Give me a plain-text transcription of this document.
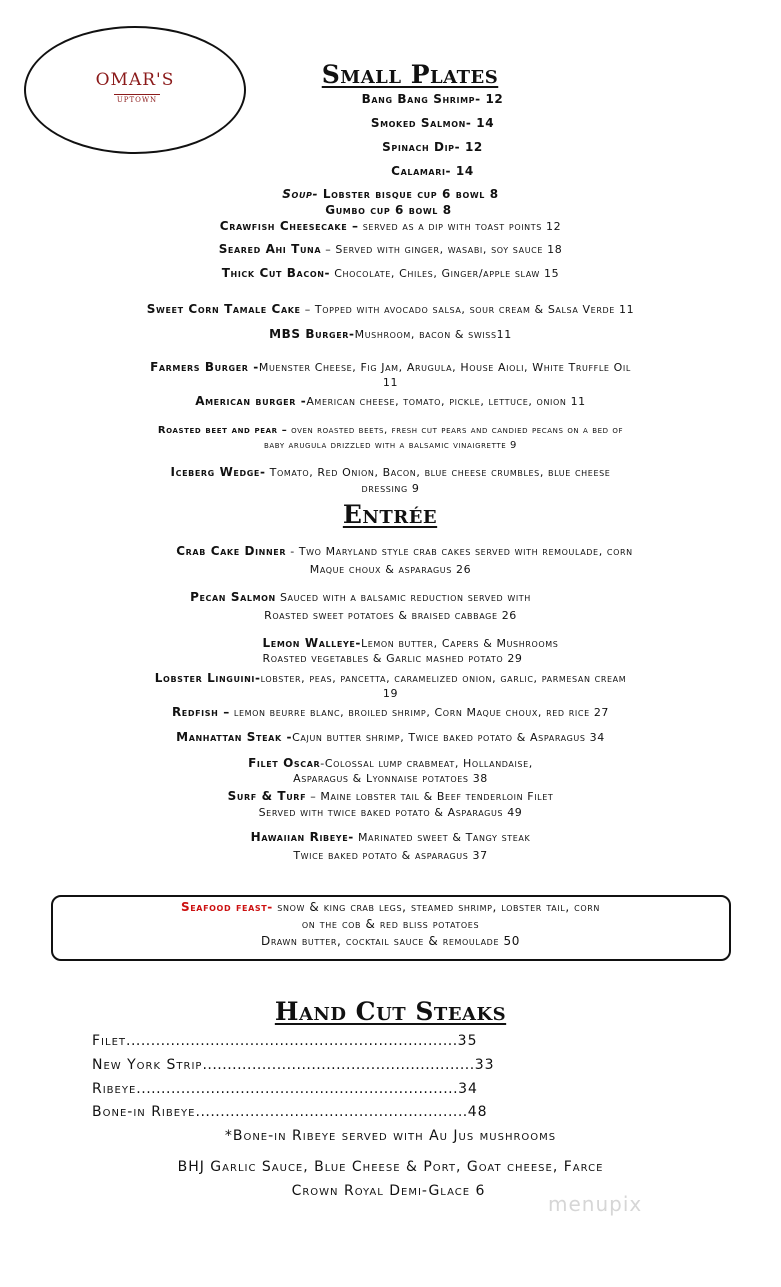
OMAR'S
UPTOWN
Small Plates
Bang Bang Shrimp- 12
Smoked Salmon- 14
Spinach Dip- 12
Calamari- 14
Soup- Lobster bisque cup 6 bowl 8
Gumbo cup 6 bowl 8
Crawfish Cheesecake – served as a dip with toast points 12
Seared Ahi Tuna – Served with ginger, wasabi, soy sauce 18
Thick Cut Bacon- Chocolate, Chiles, Ginger/apple slaw 15
Sweet Corn Tamale Cake – Topped with avocado salsa, sour cream & Salsa Verde 11
MBS Burger-Mushroom, bacon & swiss11
Farmers Burger -Muenster Cheese, Fig Jam, Arugula, House Aioli, White Truffle Oil
11
American burger -American cheese, tomato, pickle, lettuce, onion 11
Roasted beet and pear – oven roasted beets, fresh cut pears and candied pecans on a bed of
baby arugula drizzled with a balsamic vinaigrette 9
Iceberg Wedge- Tomato, Red Onion, Bacon, blue cheese crumbles, blue cheese
dressing 9
Entrée
Crab Cake Dinner - Two Maryland style crab cakes served with remoulade, corn
Maque choux & asparagus 26
Pecan Salmon Sauced with a balsamic reduction served with
Roasted sweet potatoes & braised cabbage 26
Lemon Walleye-Lemon butter, Capers & Mushrooms
Roasted vegetables & Garlic mashed potato 29
Lobster Linguini-lobster, peas, pancetta, caramelized onion, garlic, parmesan cream
19
Redfish – lemon beurre blanc, broiled shrimp, Corn Maque choux, red rice 27
Manhattan Steak -Cajun butter shrimp, Twice baked potato & Asparagus 34
Filet Oscar-Colossal lump crabmeat, Hollandaise,
Asparagus & Lyonnaise potatoes 38
Surf & Turf – Maine lobster tail & Beef tenderloin Filet
Served with twice baked potato & Asparagus 49
Hawaiian Ribeye- Marinated sweet & Tangy steak
Twice baked potato & asparagus 37
Seafood feast- snow & king crab legs, steamed shrimp, lobster tail, corn
on the cob & red bliss potatoes
Drawn butter, cocktail sauce & remoulade 50
Hand Cut Steaks
Filet...................................................................35
New York Strip.......................................................33
Ribeye.................................................................34
Bone-in Ribeye.......................................................48
*Bone-in Ribeye served with Au Jus mushrooms
BHJ Garlic Sauce, Blue Cheese & Port, Goat cheese, Farce
Crown Royal Demi-Glace 6
menupix
